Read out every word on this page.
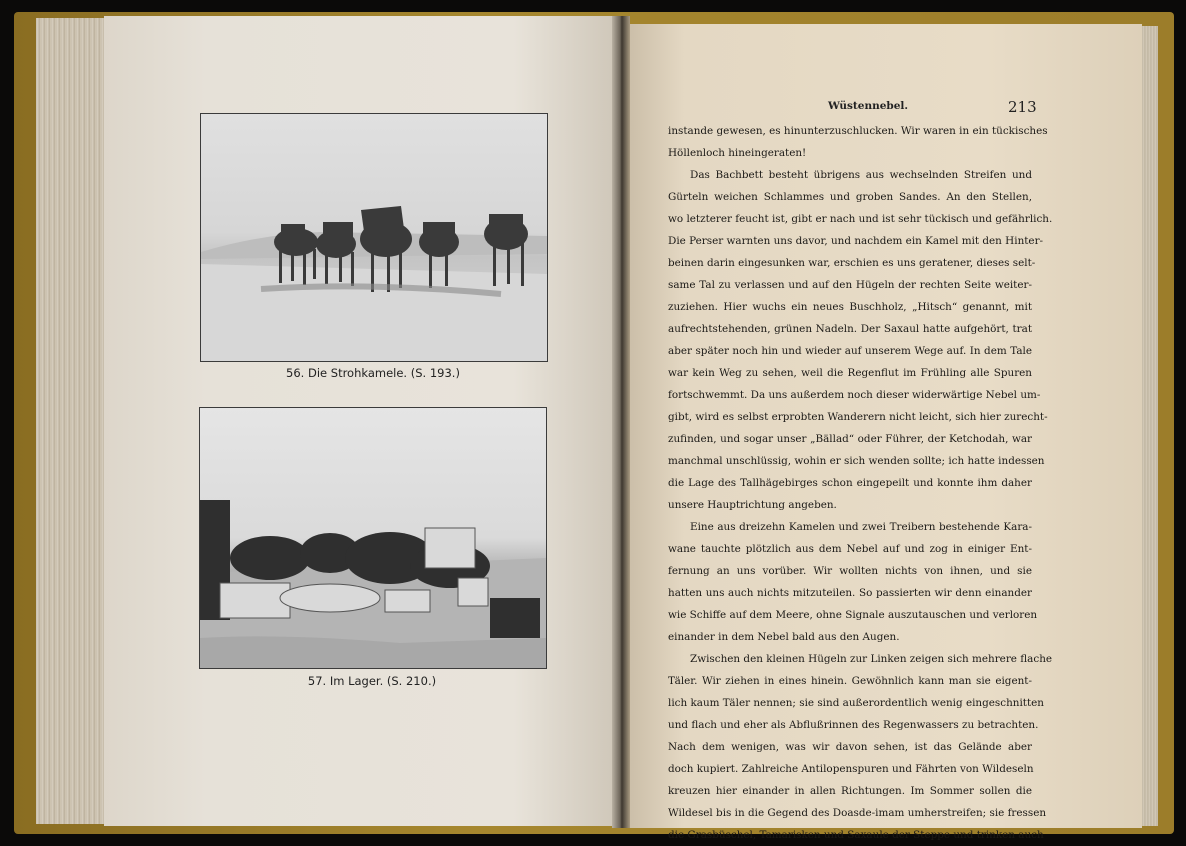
56. Die Strohkamele. (S. 193.)
57. Im Lager. (S. 210.)
Wüstennebel.	213

instande gewesen, es hinunterzuschlucken. Wir waren in ein tückisches
Höllenloch hineingeraten!

Das Bachbett besteht übrigens aus wechselnden Streifen und
Gürteln weichen Schlammes und groben Sandes. An den Stellen,
wo letzterer feucht ist, gibt er nach und ist sehr tückisch und gefährlich.
Die Perser warnten uns davor, und nachdem ein Kamel mit den Hinter-
beinen darin eingesunken war, erschien es uns geratener, dieses selt-
same Tal zu verlassen und auf den Hügeln der rechten Seite weiter-
zuziehen. Hier wuchs ein neues Buschholz, „Hitsch“ genannt, mit
aufrechtstehenden, grünen Nadeln. Der Saxaul hatte aufgehört, trat
aber später noch hin und wieder auf unserem Wege auf. In dem Tale
war kein Weg zu sehen, weil die Regenflut im Frühling alle Spuren
fortschwemmt. Da uns außerdem noch dieser widerwärtige Nebel um-
gibt, wird es selbst erprobten Wanderern nicht leicht, sich hier zurecht-
zufinden, und sogar unser „Bällad“ oder Führer, der Ketchodah, war
manchmal unschlüssig, wohin er sich wenden sollte; ich hatte indessen
die Lage des Tallhägebirges schon eingepeilt und konnte ihm daher
unsere Hauptrichtung angeben.

Eine aus dreizehn Kamelen und zwei Treibern bestehende Kara-
wane tauchte plötzlich aus dem Nebel auf und zog in einiger Ent-
fernung an uns vorüber. Wir wollten nichts von ihnen, und sie
hatten uns auch nichts mitzuteilen. So passierten wir denn einander
wie Schiffe auf dem Meere, ohne Signale auszutauschen und verloren
einander in dem Nebel bald aus den Augen.

Zwischen den kleinen Hügeln zur Linken zeigen sich mehrere flache
Täler. Wir ziehen in eines hinein. Gewöhnlich kann man sie eigent-
lich kaum Täler nennen; sie sind außerordentlich wenig eingeschnitten
und flach und eher als Abflußrinnen des Regenwassers zu betrachten.
Nach dem wenigen, was wir davon sehen, ist das Gelände aber
doch kupiert. Zahlreiche Antilopenspuren und Fährten von Wildeseln
kreuzen hier einander in allen Richtungen. Im Sommer sollen die
Wildesel bis in die Gegend des Doasde-imam umherstreifen; sie fressen
die Grasbüschel, Tamarisken und Saxaule der Steppe und trinken auch
